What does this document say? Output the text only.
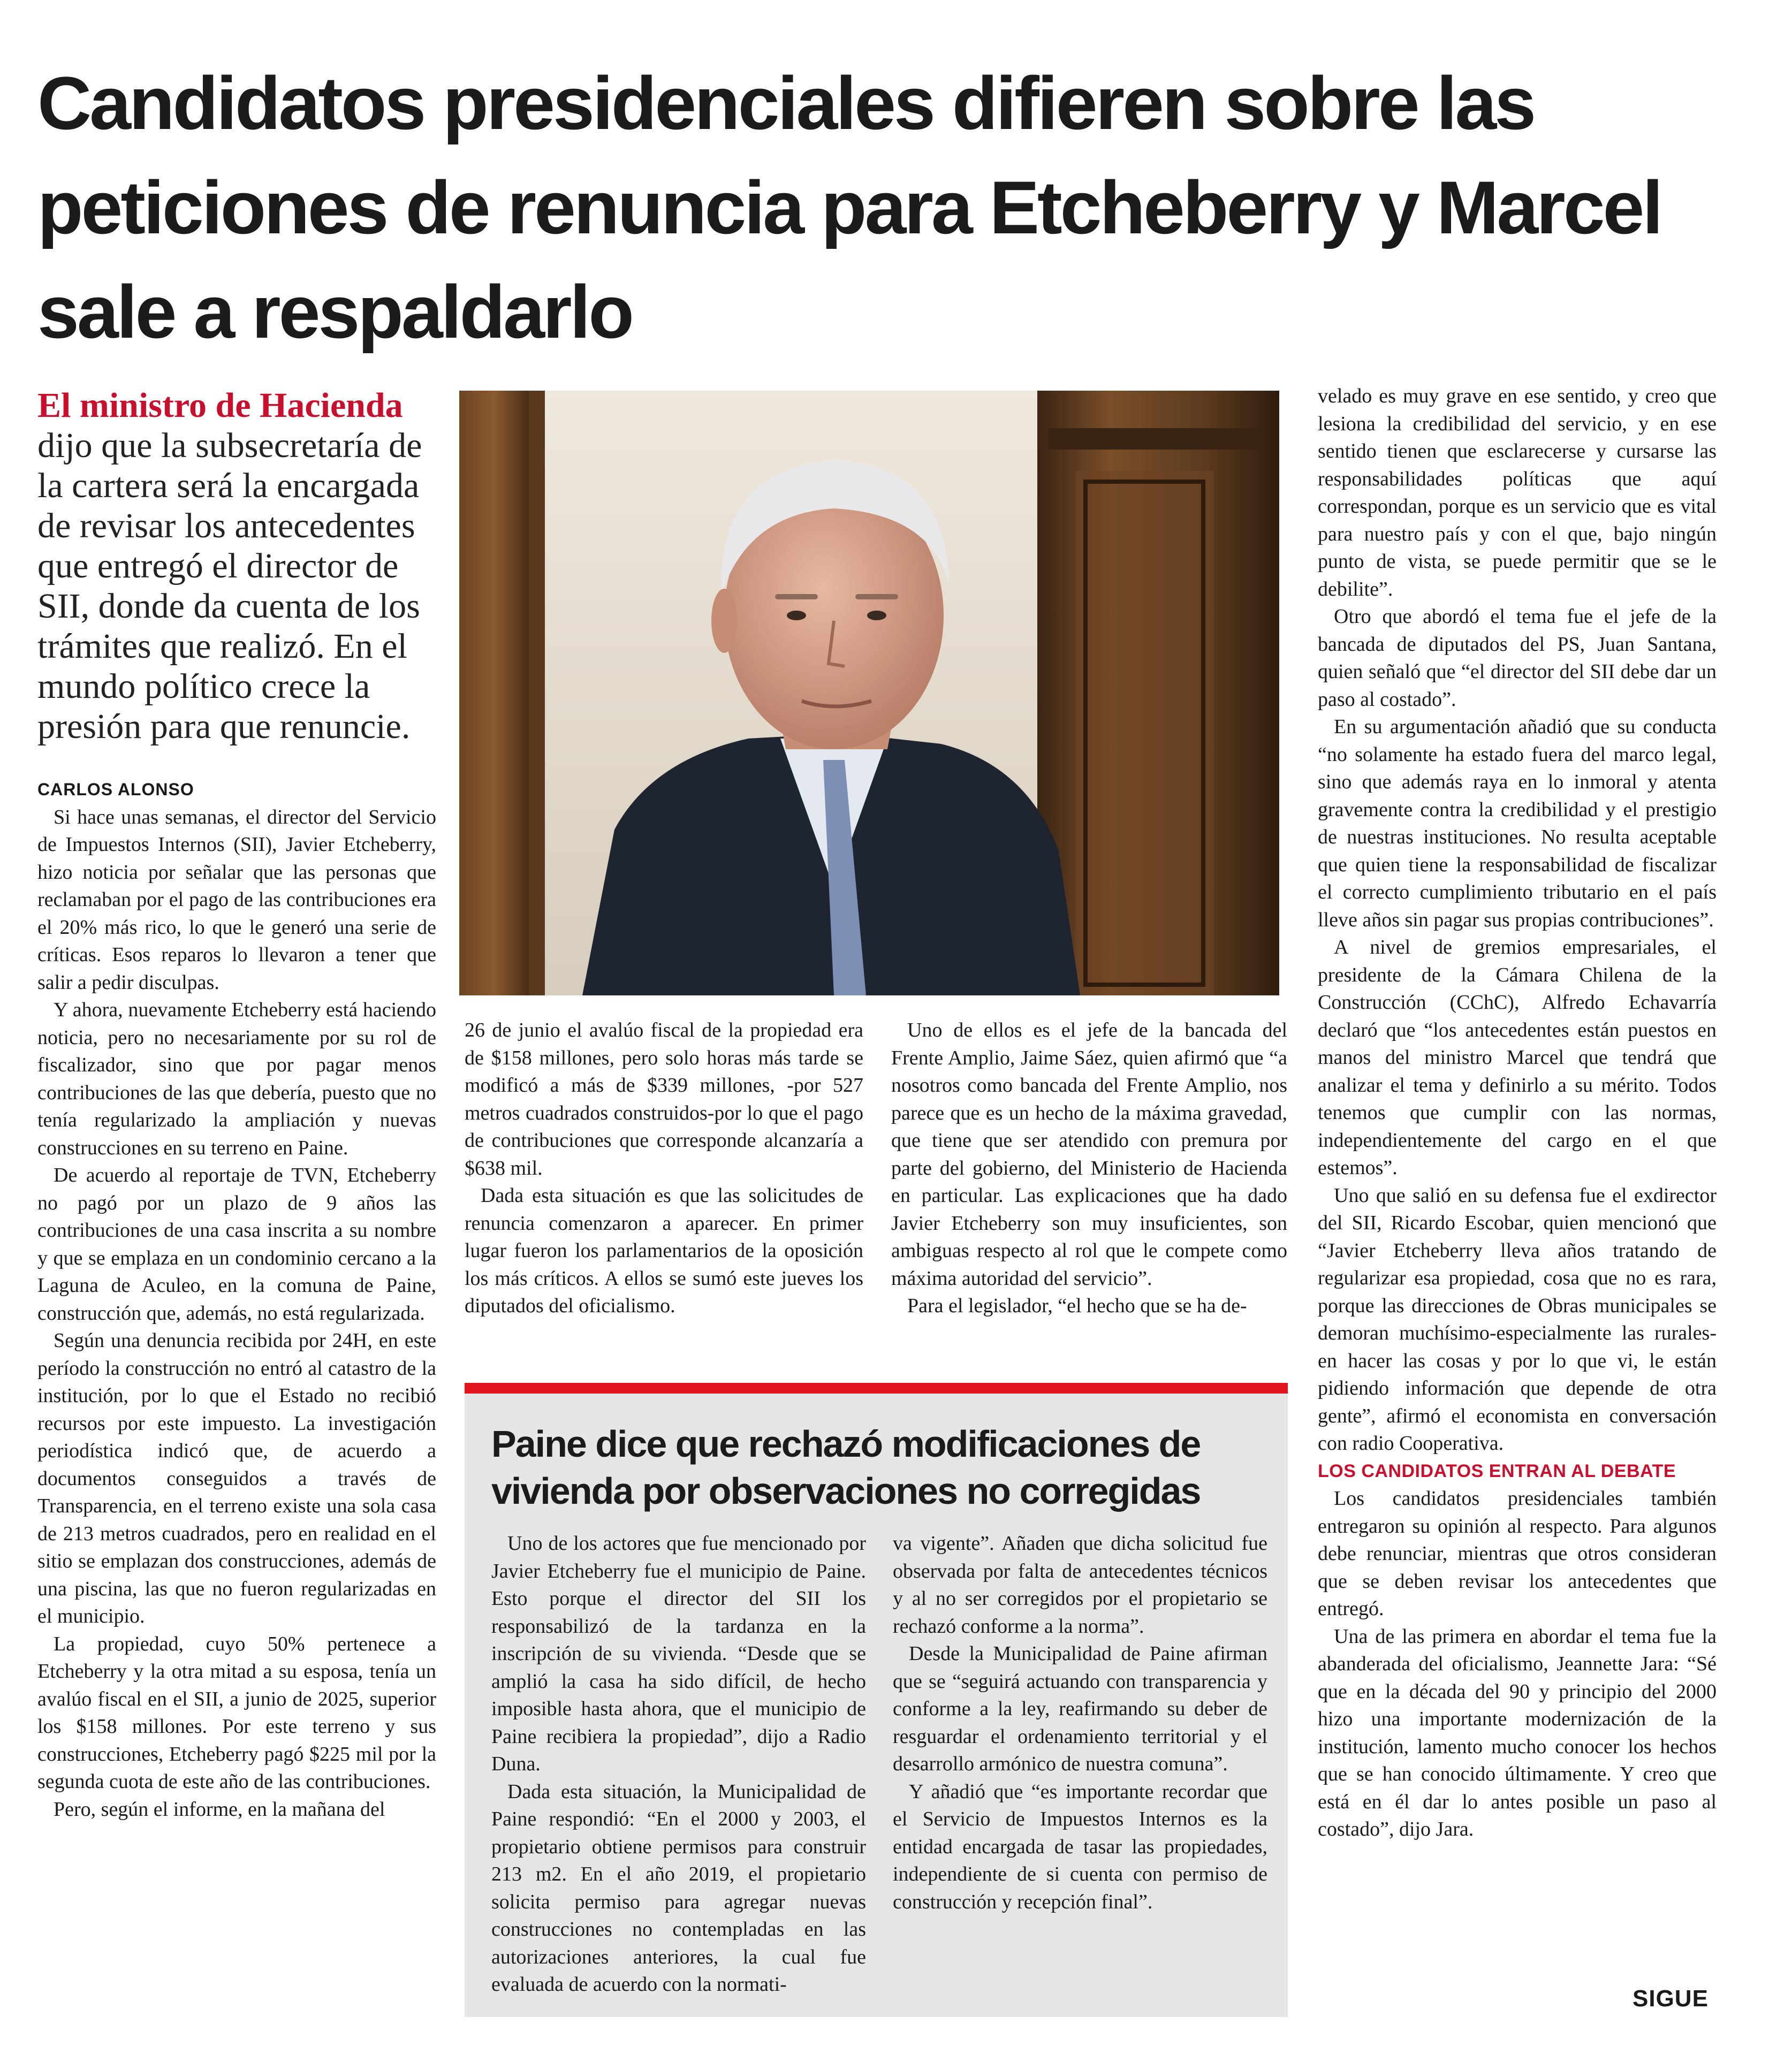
Candidatos presidenciales difieren sobre las peticiones de renuncia para Etcheberry y Marcel sale a respaldarlo

El ministro de Hacienda dijo que la subsecretaría de la cartera será la encargada de revisar los antecedentes que entregó el director de SII, donde da cuenta de los trámites que realizó. En el mundo político crece la presión para que renuncie.

CARLOS ALONSO

Si hace unas semanas, el director del Servicio de Impuestos Internos (SII), Javier Etcheberry, hizo noticia por señalar que las personas que reclamaban por el pago de las contribuciones era el 20% más rico, lo que le generó una serie de críticas. Esos reparos lo llevaron a tener que salir a pedir disculpas.

Y ahora, nuevamente Etcheberry está haciendo noticia, pero no necesariamente por su rol de fiscalizador, sino que por pagar menos contribuciones de las que debería, puesto que no tenía regularizado la ampliación y nuevas construcciones en su terreno en Paine.

De acuerdo al reportaje de TVN, Etcheberry no pagó por un plazo de 9 años las contribuciones de una casa inscrita a su nombre y que se emplaza en un condominio cercano a la Laguna de Aculeo, en la comuna de Paine, construcción que, además, no está regularizada.

Según una denuncia recibida por 24H, en este período la construcción no entró al catastro de la institución, por lo que el Estado no recibió recursos por este impuesto. La investigación periodística indicó que, de acuerdo a documentos conseguidos a través de Transparencia, en el terreno existe una sola casa de 213 metros cuadrados, pero en realidad en el sitio se emplazan dos construcciones, además de una piscina, las que no fueron regularizadas en el municipio.

La propiedad, cuyo 50% pertenece a Etcheberry y la otra mitad a su esposa, tenía un avalúo fiscal en el SII, a junio de 2025, superior los $158 millones. Por este terreno y sus construcciones, Etcheberry pagó $225 mil por la segunda cuota de este año de las contribuciones.

Pero, según el informe, en la mañana del

26 de junio el avalúo fiscal de la propiedad era de $158 millones, pero solo horas más tarde se modificó a más de $339 millones, -por 527 metros cuadrados construidos-por lo que el pago de contribuciones que corresponde alcanzaría a $638 mil.

Dada esta situación es que las solicitudes de renuncia comenzaron a aparecer. En primer lugar fueron los parlamentarios de la oposición los más críticos. A ellos se sumó este jueves los diputados del oficialismo.

Uno de ellos es el jefe de la bancada del Frente Amplio, Jaime Sáez, quien afirmó que “a nosotros como bancada del Frente Amplio, nos parece que es un hecho de la máxima gravedad, que tiene que ser atendido con premura por parte del gobierno, del Ministerio de Hacienda en particular. Las explicaciones que ha dado Javier Etcheberry son muy insuficientes, son ambiguas respecto al rol que le compete como máxima autoridad del servicio”.

Para el legislador, “el hecho que se ha de-

Paine dice que rechazó modificaciones de vivienda por observaciones no corregidas

Uno de los actores que fue mencionado por Javier Etcheberry fue el municipio de Paine. Esto porque el director del SII los responsabilizó de la tardanza en la inscripción de su vivienda. “Desde que se amplió la casa ha sido difícil, de hecho imposible hasta ahora, que el municipio de Paine recibiera la propiedad”, dijo a Radio Duna.

Dada esta situación, la Municipalidad de Paine respondió: “En el 2000 y 2003, el propietario obtiene permisos para construir 213 m2. En el año 2019, el propietario solicita permiso para agregar nuevas construcciones no contempladas en las autorizaciones anteriores, la cual fue evaluada de acuerdo con la normati-

va vigente”. Añaden que dicha solicitud fue observada por falta de antecedentes técnicos y al no ser corregidos por el propietario se rechazó conforme a la norma”.

Desde la Municipalidad de Paine afirman que se “seguirá actuando con transparencia y conforme a la ley, reafirmando su deber de resguardar el ordenamiento territorial y el desarrollo armónico de nuestra comuna”.

Y añadió que “es importante recordar que el Servicio de Impuestos Internos es la entidad encargada de tasar las propiedades, independiente de si cuenta con permiso de construcción y recepción final”.

velado es muy grave en ese sentido, y creo que lesiona la credibilidad del servicio, y en ese sentido tienen que esclarecerse y cursarse las responsabilidades políticas que aquí correspondan, porque es un servicio que es vital para nuestro país y con el que, bajo ningún punto de vista, se puede permitir que se le debilite”.

Otro que abordó el tema fue el jefe de la bancada de diputados del PS, Juan Santana, quien señaló que “el director del SII debe dar un paso al costado”.

En su argumentación añadió que su conducta “no solamente ha estado fuera del marco legal, sino que además raya en lo inmoral y atenta gravemente contra la credibilidad y el prestigio de nuestras instituciones. No resulta aceptable que quien tiene la responsabilidad de fiscalizar el correcto cumplimiento tributario en el país lleve años sin pagar sus propias contribuciones”.

A nivel de gremios empresariales, el presidente de la Cámara Chilena de la Construcción (CChC), Alfredo Echavarría declaró que “los antecedentes están puestos en manos del ministro Marcel que tendrá que analizar el tema y definirlo a su mérito. Todos tenemos que cumplir con las normas, independientemente del cargo en el que estemos”.

Uno que salió en su defensa fue el exdirector del SII, Ricardo Escobar, quien mencionó que “Javier Etcheberry lleva años tratando de regularizar esa propiedad, cosa que no es rara, porque las direcciones de Obras municipales se demoran muchísimo-especialmente las rurales- en hacer las cosas y por lo que vi, le están pidiendo información que depende de otra gente”, afirmó el economista en conversación con radio Cooperativa.

LOS CANDIDATOS ENTRAN AL DEBATE

Los candidatos presidenciales también entregaron su opinión al respecto. Para algunos debe renunciar, mientras que otros consideran que se deben revisar los antecedentes que entregó.

Una de las primera en abordar el tema fue la abanderada del oficialismo, Jeannette Jara: “Sé que en la década del 90 y principio del 2000 hizo una importante modernización de la institución, lamento mucho conocer los hechos que se han conocido últimamente. Y creo que está en él dar lo antes posible un paso al costado”, dijo Jara.

SIGUE
